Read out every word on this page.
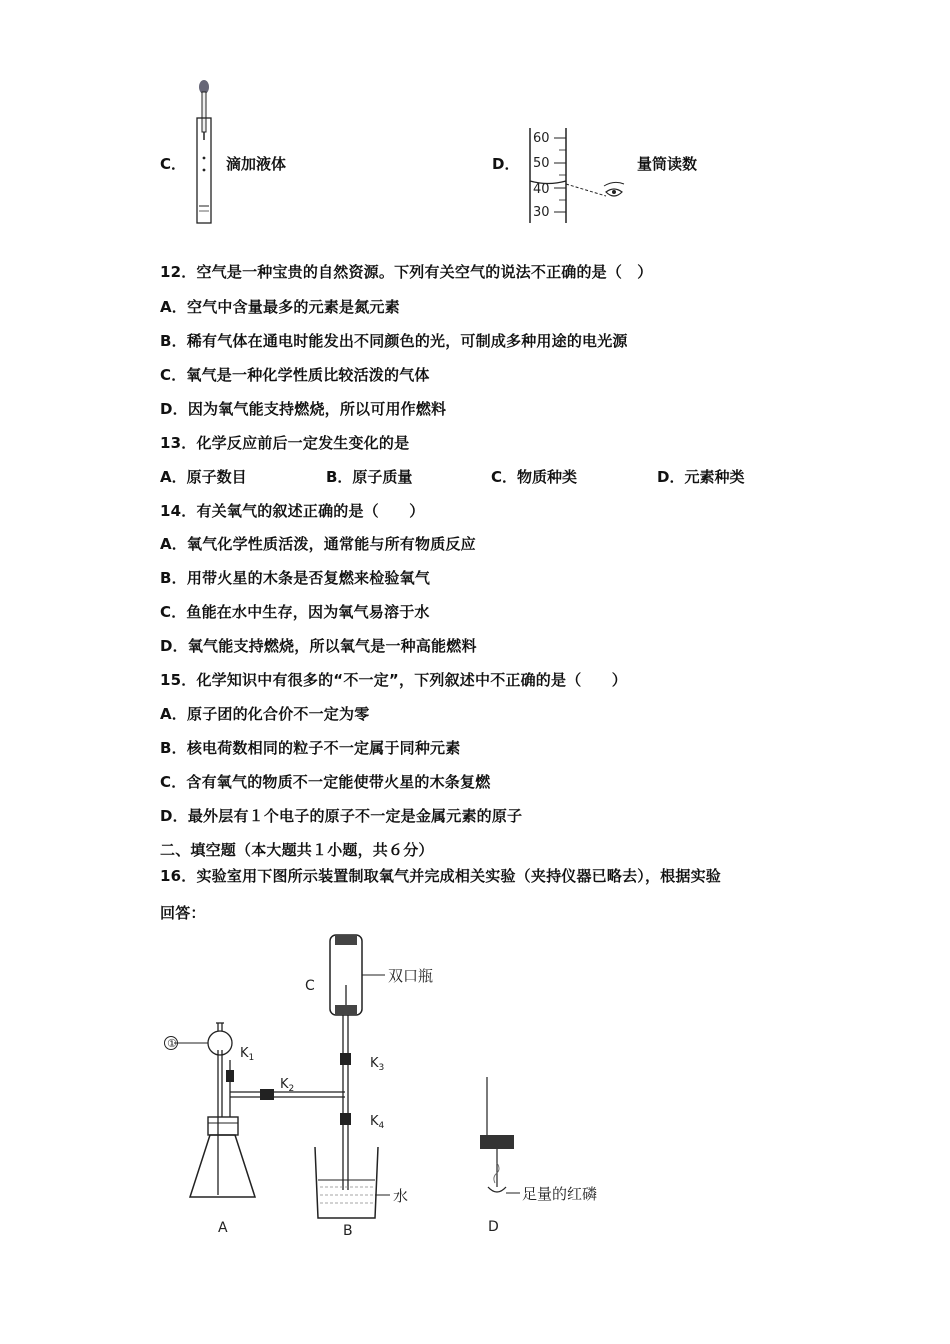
C．	滴加液体
60
50
40
30
D．	量筒读数
12．空气是一种宝贵的自然资源。下列有关空气的说法不正确的是（　）
A．空气中含量最多的元素是氮元素
B．稀有气体在通电时能发出不同颜色的光，可制成多种用途的电光源
C．氧气是一种化学性质比较活泼的气体
D．因为氧气能支持燃烧，所以可用作燃料
13．化学反应前后一定发生变化的是
A．原子数目	B．原子质量	C．物质种类	D．元素种类
14．有关氧气的叙述正确的是（　　）
A．氧气化学性质活泼，通常能与所有物质反应
B．用带火星的木条是否复燃来检验氧气
C．鱼能在水中生存，因为氧气易溶于水
D．氧气能支持燃烧，所以氧气是一种高能燃料
15．化学知识中有很多的“不一定”，下列叙述中不正确的是（　　）
A．原子团的化合价不一定为零
B．核电荷数相同的粒子不一定属于同种元素
C．含有氧气的物质不一定能使带火星的木条复燃
D．最外层有１个电子的原子不一定是金属元素的原子
二、填空题（本大题共１小题，共６分）
16．实验室用下图所示装置制取氧气并完成相关实验（夹持仪器已略去），根据实验
回答：
①
$K_1$
$K_2$
$K_3$
$K_4$
C
双口瓶
水	足量的红磷
A	B	D
